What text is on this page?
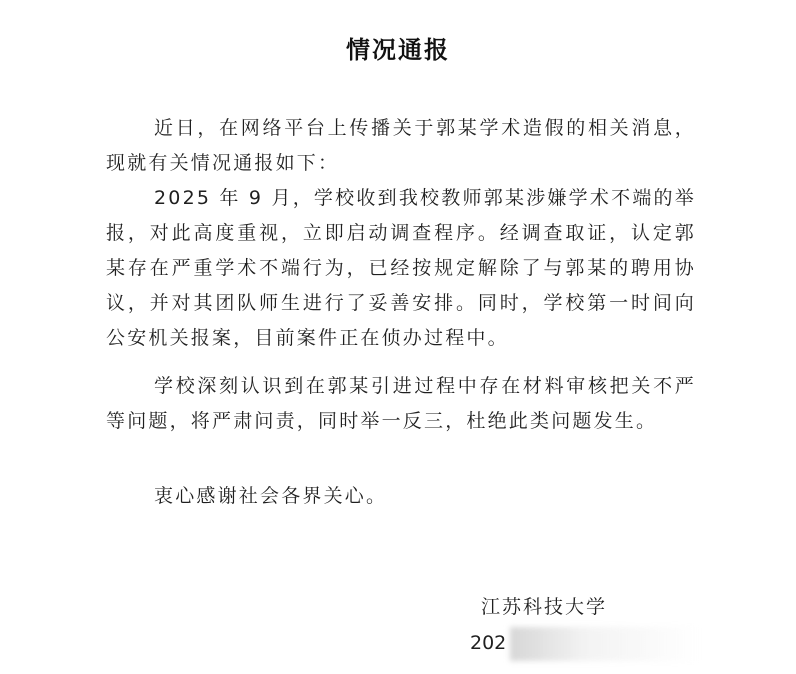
情况通报
近日，在网络平台上传播关于郭某学术造假的相关消息，现就有关情况通报如下：
2025 年 9 月，学校收到我校教师郭某涉嫌学术不端的举报，对此高度重视，立即启动调查程序。经调查取证，认定郭某存在严重学术不端行为，已经按规定解除了与郭某的聘用协议，并对其团队师生进行了妥善安排。同时，学校第一时间向公安机关报案，目前案件正在侦办过程中。
学校深刻认识到在郭某引进过程中存在材料审核把关不严等问题，将严肃问责，同时举一反三，杜绝此类问题发生。
衷心感谢社会各界关心。
江苏科技大学
202
